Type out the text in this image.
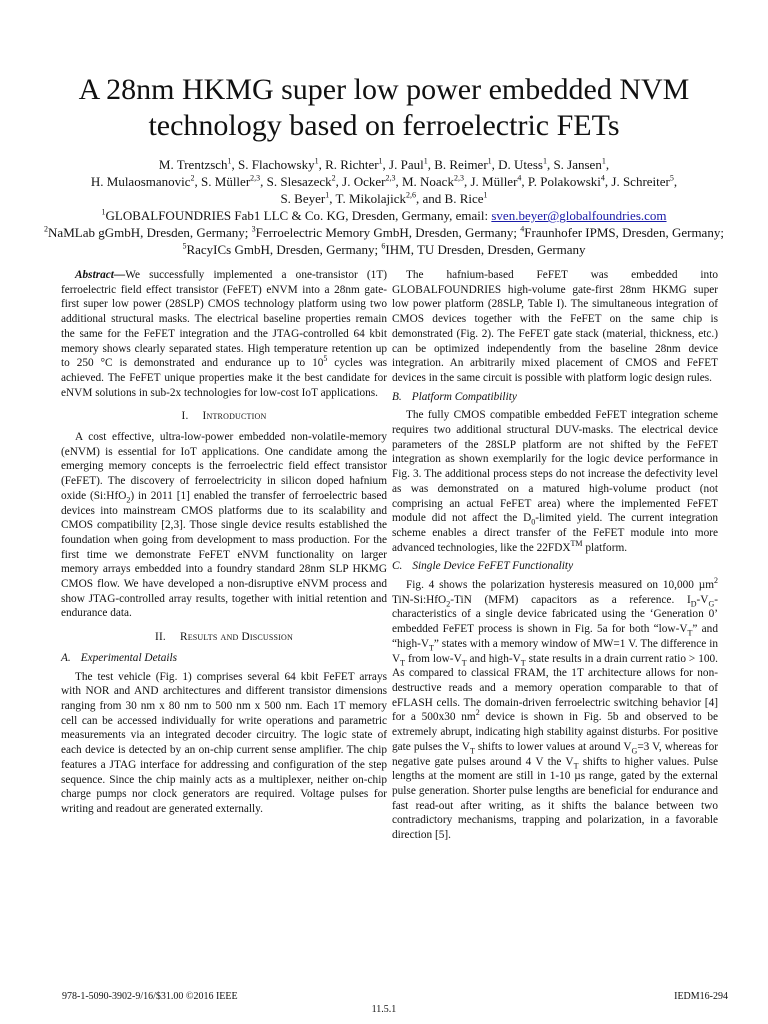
A 28nm HKMG super low power embedded NVM technology based on ferroelectric FETs
M. Trentzsch$^1$, S. Flachowsky$^1$, R. Richter$^1$, J. Paul$^1$, B. Reimer$^1$, D. Utess$^1$, S. Jansen$^1$,
H. Mulaosmanovic$^2$, S. Müller$^{2,3}$, S. Slesazeck$^2$, J. Ocker$^{2,3}$, M. Noack$^{2,3}$, J. Müller$^4$, P. Polakowski$^4$, J. Schreiter$^5$,
S. Beyer$^1$, T. Mikolajick$^{2,6}$, and B. Rice$^1$
$^1$GLOBALFOUNDRIES Fab1 LLC & Co. KG, Dresden, Germany, email: sven.beyer@globalfoundries.com
$^2$NaMLab gGmbH, Dresden, Germany; $^3$Ferroelectric Memory GmbH, Dresden, Germany; $^4$Fraunhofer IPMS, Dresden, Germany;
$^5$RacyICs GmbH, Dresden, Germany; $^6$IHM, TU Dresden, Dresden, Germany

Abstract—We successfully implemented a one-transistor (1T) ferroelectric field effect transistor (FeFET) eNVM into a 28nm gate-first super low power (28SLP) CMOS technology platform using two additional structural masks. The electrical baseline properties remain the same for the FeFET integration and the JTAG-controlled 64 kbit memory shows clearly separated states. High temperature retention up to 250 °C is demonstrated and endurance up to $10^5$ cycles was achieved. The FeFET unique properties make it the best candidate for eNVM solutions in sub-2x technologies for low-cost IoT applications.

I. Introduction

A cost effective, ultra-low-power embedded non-volatile-memory (eNVM) is essential for IoT applications. One candidate among the emerging memory concepts is the ferroelectric field effect transistor (FeFET). The discovery of ferroelectricity in silicon doped hafnium oxide (Si:HfO$_2$) in 2011 [1] enabled the transfer of ferroelectric based devices into mainstream CMOS platforms due to its scalability and CMOS compatibility [2,3]. Those single device results established the foundation when going from development to mass production. For the first time we demonstrate FeFET eNVM functionality on larger memory arrays embedded into a foundry standard 28nm SLP HKMG CMOS flow. We have developed a non-disruptive eNVM process and show JTAG-controlled array results, together with initial retention and endurance data.

II. Results and Discussion
A. Experimental Details

The test vehicle (Fig. 1) comprises several 64 kbit FeFET arrays with NOR and AND architectures and different transistor dimensions ranging from 30 nm x 80 nm to 500 nm x 500 nm. Each 1T memory cell can be accessed individually for write operations and parametric measurements via an integrated decoder circuitry. The logic state of each device is detected by an on-chip current sense amplifier. The chip features a JTAG interface for addressing and configuration of the step sequence. Since the chip mainly acts as a multiplexer, neither on-chip charge pumps nor clock generators are required. Voltage pulses for writing and readout are generated externally.

The hafnium-based FeFET was embedded into GLOBALFOUNDRIES high-volume gate-first 28nm HKMG super low power platform (28SLP, Table I). The simultaneous integration of CMOS devices together with the FeFET on the same chip is demonstrated (Fig. 2). The FeFET gate stack (material, thickness, etc.) can be optimized independently from the baseline 28nm device integration. An arbitrarily mixed placement of CMOS and FeFET devices in the same circuit is possible with platform logic design rules.

B. Platform Compatibility

The fully CMOS compatible embedded FeFET integration scheme requires two additional structural DUV-masks. The electrical device parameters of the 28SLP platform are not shifted by the FeFET integration as shown exemplarily for the logic device performance in Fig. 3. The additional process steps do not increase the defectivity level as was demonstrated on a matured high-volume product (not comprising an actual FeFET area) where the implemented FeFET module did not affect the $D_0$-limited yield. The current integration scheme enables a direct transfer of the FeFET module into more advanced technologies, like the 22FDX™ platform.

C. Single Device FeFET Functionality

Fig. 4 shows the polarization hysteresis measured on 10,000 µm$^2$ TiN-Si:HfO$_2$-TiN (MFM) capacitors as a reference. $I_D-V_G$-characteristics of a single device fabricated using the ‘Generation 0’ embedded FeFET process is shown in Fig. 5a for both “$low-V_T$” and “$high-V_T$” states with a memory window of MW=1 V. The difference in $V_T$ from low-$V_T$ and high-$V_T$ state results in a drain current ratio > 100. As compared to classical FRAM, the 1T architecture allows for non-destructive reads and a memory operation comparable to that of eFLASH cells. The domain-driven ferroelectric switching behavior [4] for a 500x30 $nm^2$ device is shown in Fig. 5b and observed to be extremely abrupt, indicating high stability against disturbs. For positive gate pulses the $V_T$ shifts to lower values at around $V_G=3$ V, whereas for negative gate pulses around 4 V the $V_T$ shifts to higher values. Pulse lengths at the moment are still in 1-10 µs range, gated by the external pulse generation. Shorter pulse lengths are beneficial for endurance and fast read-out after writing, as it shifts the balance between two contradictory mechanisms, trapping and polarization, in a favorable direction [5].

978-1-5090-3902-9/16/$31.00 ©2016 IEEE	IEDM16-294
11.5.1
